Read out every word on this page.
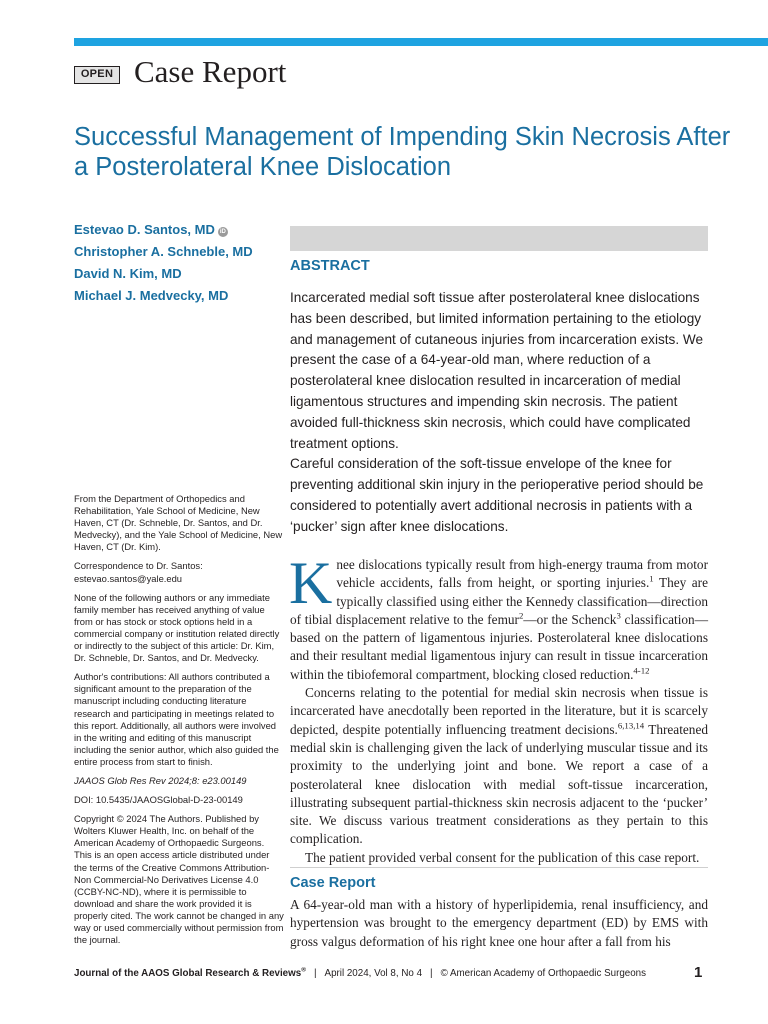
OPEN Case Report
Successful Management of Impending Skin Necrosis After a Posterolateral Knee Dislocation
Estevao D. Santos, MD iD
Christopher A. Schneble, MD
David N. Kim, MD
Michael J. Medvecky, MD

From the Department of Orthopedics and Rehabilitation, Yale School of Medicine, New Haven, CT (Dr. Schneble, Dr. Santos, and Dr. Medvecky), and the Yale School of Medicine, New Haven, CT (Dr. Kim).

Correspondence to Dr. Santos: estevao.santos@yale.edu

None of the following authors or any immediate family member has received anything of value from or has stock or stock options held in a commercial company or institution related directly or indirectly to the subject of this article: Dr. Kim, Dr. Schneble, Dr. Santos, and Dr. Medvecky.

Author's contributions: All authors contributed a significant amount to the preparation of the manuscript including conducting literature research and participating in meetings related to this report. Additionally, all authors were involved in the writing and editing of this manuscript including the senior author, which also guided the entire process from start to finish.

JAAOS Glob Res Rev 2024;8: e23.00149

DOI: 10.5435/JAAOSGlobal-D-23-00149

Copyright © 2024 The Authors. Published by Wolters Kluwer Health, Inc. on behalf of the American Academy of Orthopaedic Surgeons. This is an open access article distributed under the terms of the Creative Commons Attribution-Non Commercial-No Derivatives License 4.0 (CCBY-NC-ND), where it is permissible to download and share the work provided it is properly cited. The work cannot be changed in any way or used commercially without permission from the journal.

ABSTRACT
Incarcerated medial soft tissue after posterolateral knee dislocations has been described, but limited information pertaining to the etiology and management of cutaneous injuries from incarceration exists. We present the case of a 64-year-old man, where reduction of a posterolateral knee dislocation resulted in incarceration of medial ligamentous structures and impending skin necrosis. The patient avoided full-thickness skin necrosis, which could have complicated treatment options.
Careful consideration of the soft-tissue envelope of the knee for preventing additional skin injury in the perioperative period should be considered to potentially avert additional necrosis in patients with a ‘pucker’ sign after knee dislocations.

Knee dislocations typically result from high-energy trauma from motor vehicle accidents, falls from height, or sporting injuries.$^1$ They are typically classified using either the Kennedy classification—direction of tibial displacement relative to the femur$^2$—or the Schenck$^3$ classification—based on the pattern of ligamentous injuries. Posterolateral knee dislocations and their resultant medial ligamentous injury can result in tissue incarceration within the tibiofemoral compartment, blocking closed reduction.$^{4-12}$

Concerns relating to the potential for medial skin necrosis when tissue is incarcerated have anecdotally been reported in the literature, but it is scarcely depicted, despite potentially influencing treatment decisions.$^{6,13,14}$ Threatened medial skin is challenging given the lack of underlying muscular tissue and its proximity to the underlying joint and bone. We report a case of a posterolateral knee dislocation with medial soft-tissue incarceration, illustrating subsequent partial-thickness skin necrosis adjacent to the ‘pucker’ site. We discuss various treatment considerations as they pertain to this complication.

The patient provided verbal consent for the publication of this case report.

Case Report
A 64-year-old man with a history of hyperlipidemia, renal insufficiency, and hypertension was brought to the emergency department (ED) by EMS with gross valgus deformation of his right knee one hour after a fall from his
Journal of the AAOS Global Research & Reviews® | April 2024, Vol 8, No 4 | © American Academy of Orthopaedic Surgeons	1
